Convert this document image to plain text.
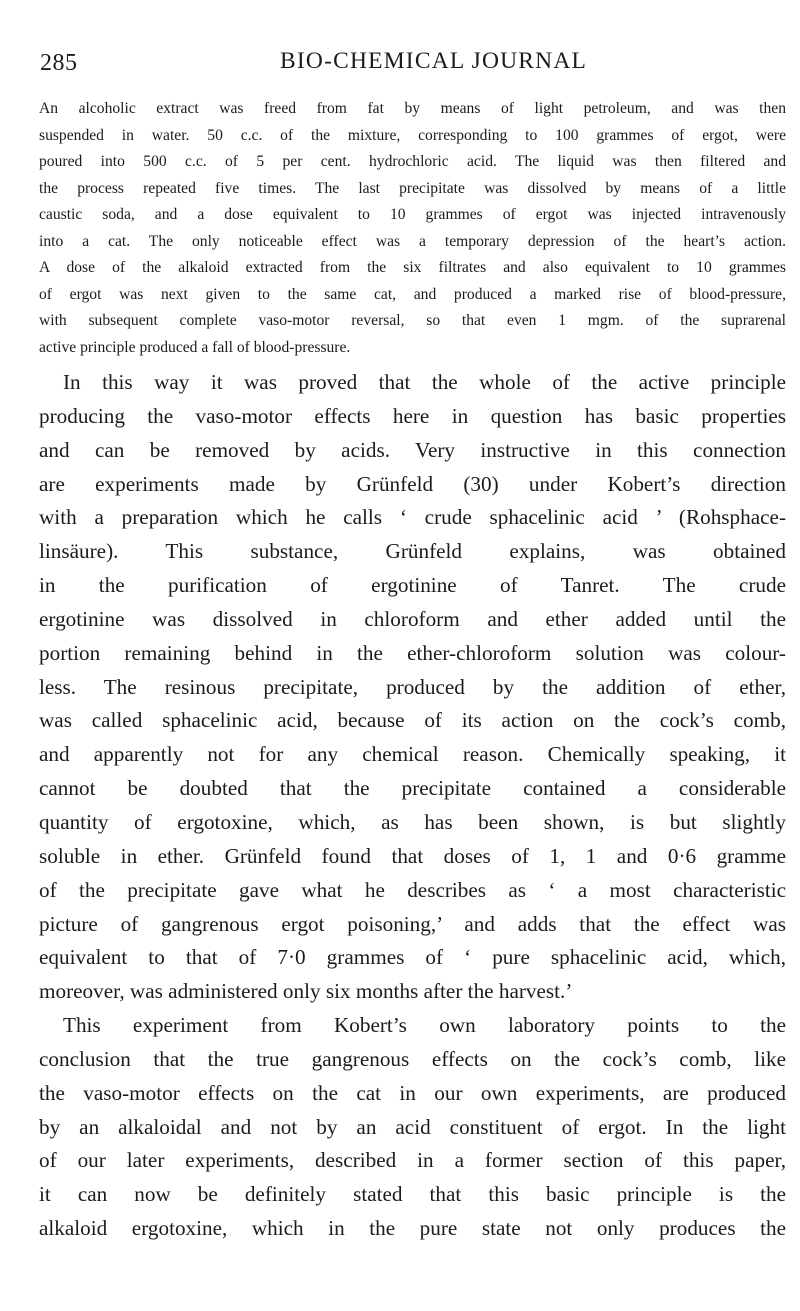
285	BIO-CHEMICAL JOURNAL
An alcoholic extract was freed from fat by means of light petroleum, and was then
suspended in water. 50 c.c. of the mixture, corresponding to 100 grammes of ergot, were
poured into 500 c.c. of 5 per cent. hydrochloric acid. The liquid was then filtered and
the process repeated five times. The last precipitate was dissolved by means of a little
caustic soda, and a dose equivalent to 10 grammes of ergot was injected intravenously
into a cat. The only noticeable effect was a temporary depression of the heart’s action.
A dose of the alkaloid extracted from the six filtrates and also equivalent to 10 grammes
of ergot was next given to the same cat, and produced a marked rise of blood-pressure,
with subsequent complete vaso-motor reversal, so that even 1 mgm. of the suprarenal
active principle produced a fall of blood-pressure.
In this way it was proved that the whole of the active principle
producing the vaso-motor effects here in question has basic properties
and can be removed by acids. Very instructive in this connection
are experiments made by Grünfeld (30) under Kobert’s direction
with a preparation which he calls ‘ crude sphacelinic acid ’ (Rohsphace-
linsäure). This substance, Grünfeld explains, was obtained
in the purification of ergotinine of Tanret. The crude
ergotinine was dissolved in chloroform and ether added until the
portion remaining behind in the ether-chloroform solution was colour-
less. The resinous precipitate, produced by the addition of ether,
was called sphacelinic acid, because of its action on the cock’s comb,
and apparently not for any chemical reason. Chemically speaking, it
cannot be doubted that the precipitate contained a considerable
quantity of ergotoxine, which, as has been shown, is but slightly
soluble in ether. Grünfeld found that doses of 1, 1 and 0·6 gramme
of the precipitate gave what he describes as ‘ a most characteristic
picture of gangrenous ergot poisoning,’ and adds that the effect was
equivalent to that of 7·0 grammes of ‘ pure sphacelinic acid, which,
moreover, was administered only six months after the harvest.’
This experiment from Kobert’s own laboratory points to the
conclusion that the true gangrenous effects on the cock’s comb, like
the vaso-motor effects on the cat in our own experiments, are produced
by an alkaloidal and not by an acid constituent of ergot. In the light
of our later experiments, described in a former section of this paper,
it can now be definitely stated that this basic principle is the
alkaloid ergotoxine, which in the pure state not only produces the
